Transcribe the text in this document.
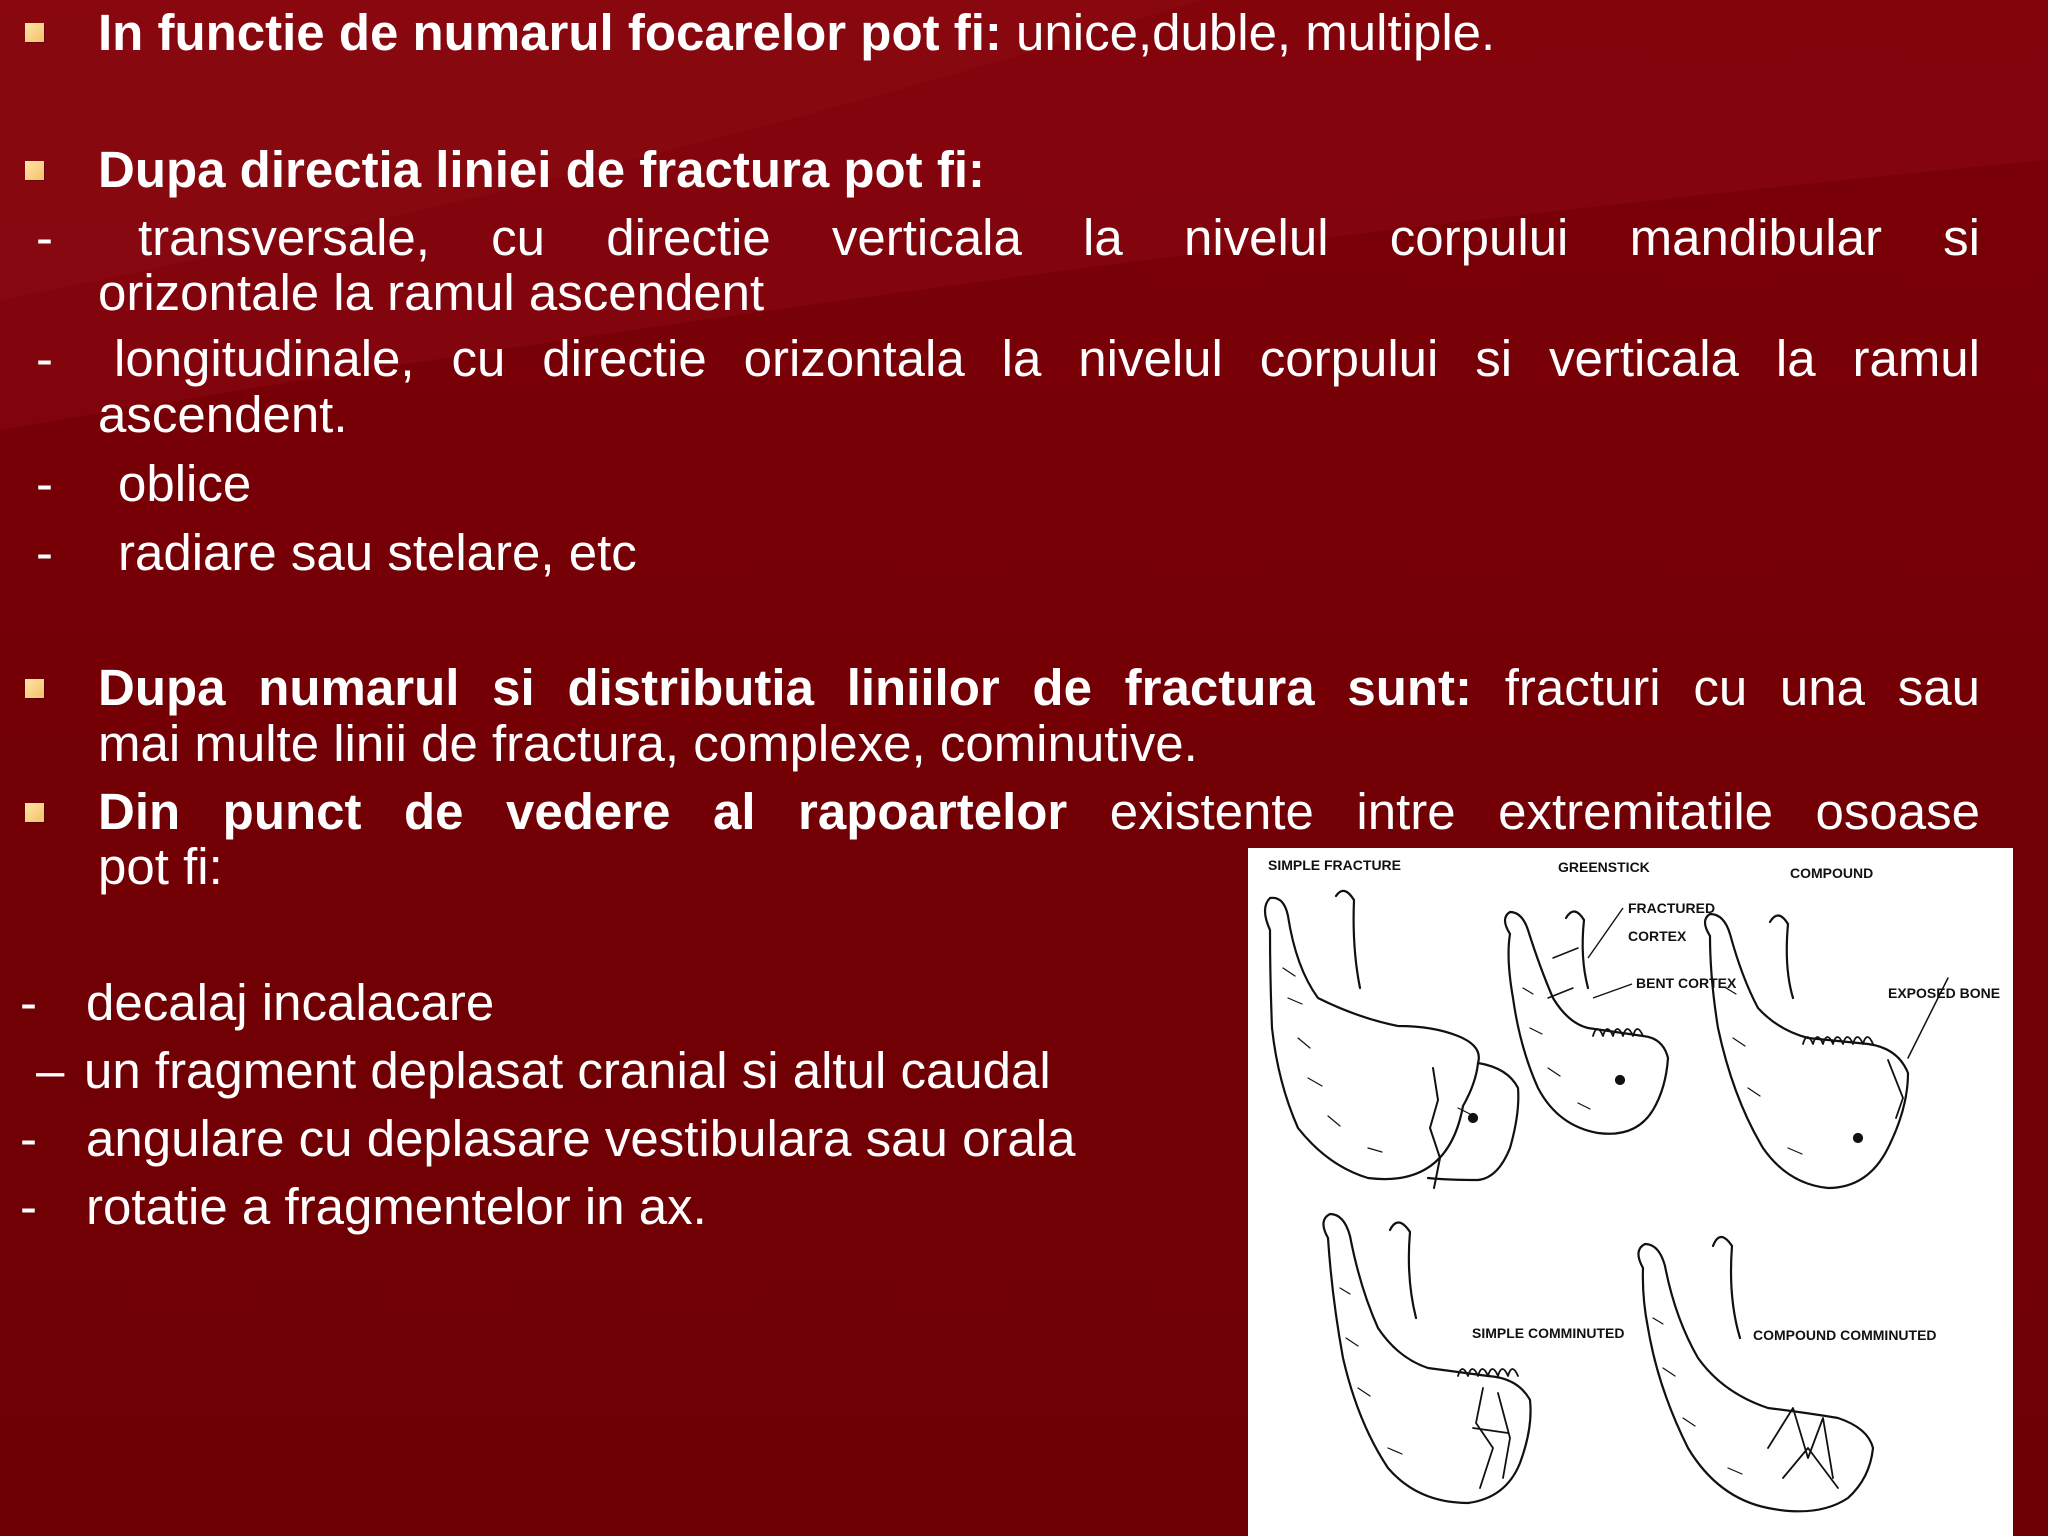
In functie de numarul focarelor pot fi: unice,duble, multiple.
Dupa directia liniei de fractura pot fi:
- transversale, cu directie verticala la nivelul corpului mandibular si
orizontale la ramul ascendent
- longitudinale, cu directie orizontala la nivelul corpului si verticala la ramul
ascendent.
- oblice
- radiare sau stelare, etc
Dupa numarul si distributia liniilor de fractura sunt: fracturi cu una sau
mai multe linii de fractura, complexe, cominutive.
Din punct de vedere al rapoartelor existente intre extremitatile osoase
pot fi:
- decalaj incalacare
– un fragment deplasat cranial si altul caudal
- angulare cu deplasare vestibulara sau orala
- rotatie a fragmentelor in ax.
SIMPLE FRACTURE	GREENSTICK
FRACTURED
CORTEX
BENT CORTEX
COMPOUND
EXPOSED BONE
SIMPLE COMMINUTED	COMPOUND COMMINUTED
